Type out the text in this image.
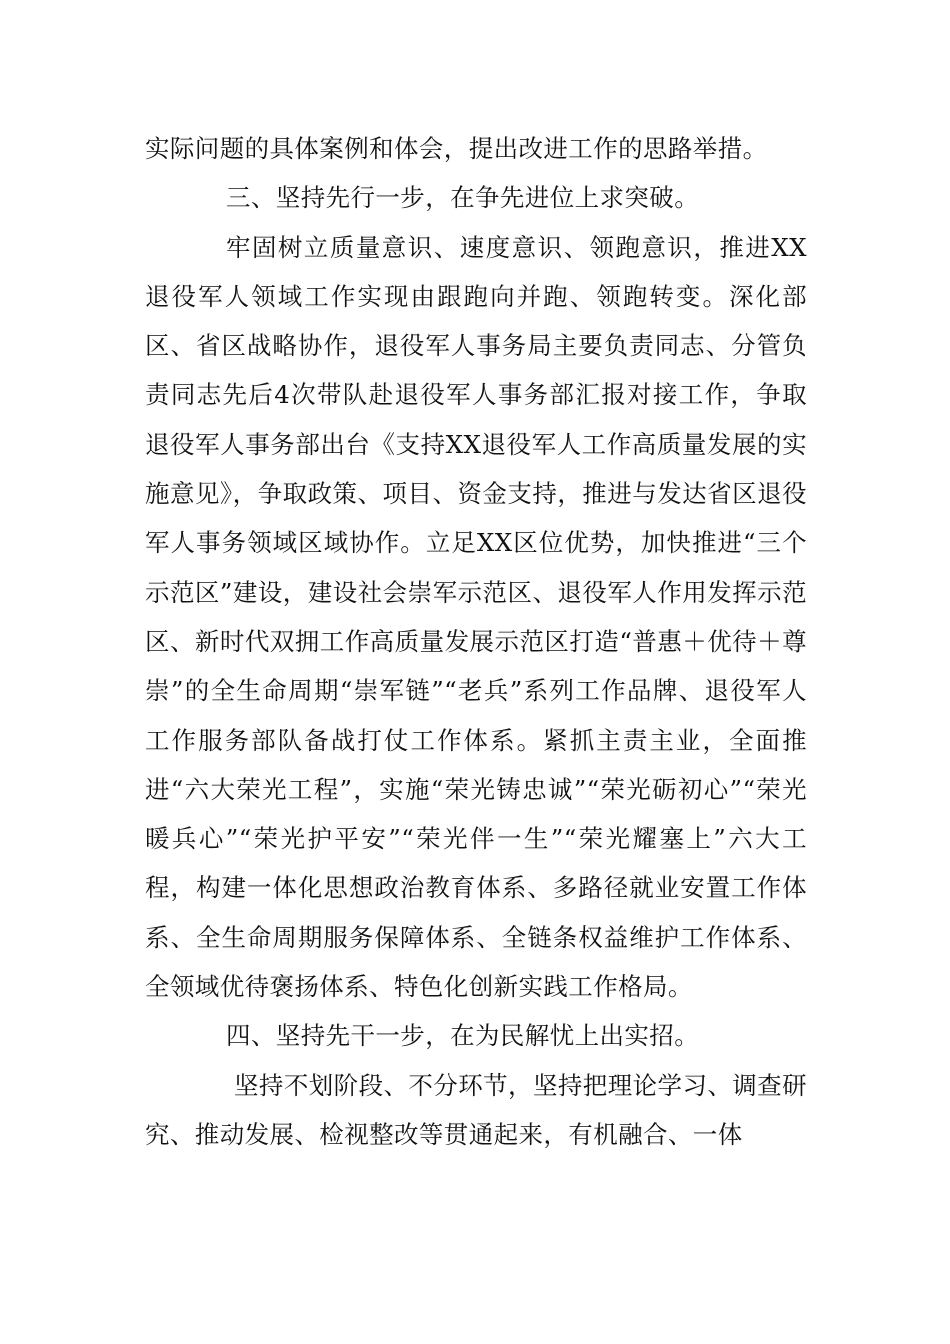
实际问题的具体案例和体会，提出改进工作的思路举措。

三、坚持先行一步，在争先进位上求突破。

牢固树立质量意识、速度意识、领跑意识，推进XX退役军人领域工作实现由跟跑向并跑、领跑转变。深化部区、省区战略协作，退役军人事务局主要负责同志、分管负责同志先后4次带队赴退役军人事务部汇报对接工作，争取退役军人事务部出台《支持XX退役军人工作高质量发展的实施意见》，争取政策、项目、资金支持，推进与发达省区退役军人事务领域区域协作。立足XX区位优势，加快推进“三个示范区”建设，建设社会崇军示范区、退役军人作用发挥示范区、新时代双拥工作高质量发展示范区打造“普惠＋优待＋尊崇”的全生命周期“崇军链”“老兵”系列工作品牌、退役军人工作服务部队备战打仗工作体系。紧抓主责主业，全面推进“六大荣光工程”，实施“荣光铸忠诚”“荣光砺初心”“荣光暖兵心”“荣光护平安”“荣光伴一生”“荣光耀塞上”六大工程，构建一体化思想政治教育体系、多路径就业安置工作体系、全生命周期服务保障体系、全链条权益维护工作体系、全领域优待褒扬体系、特色化创新实践工作格局。

四、坚持先干一步，在为民解忧上出实招。

坚持不划阶段、不分环节，坚持把理论学习、调查研究、推动发展、检视整改等贯通起来，有机融合、一体
